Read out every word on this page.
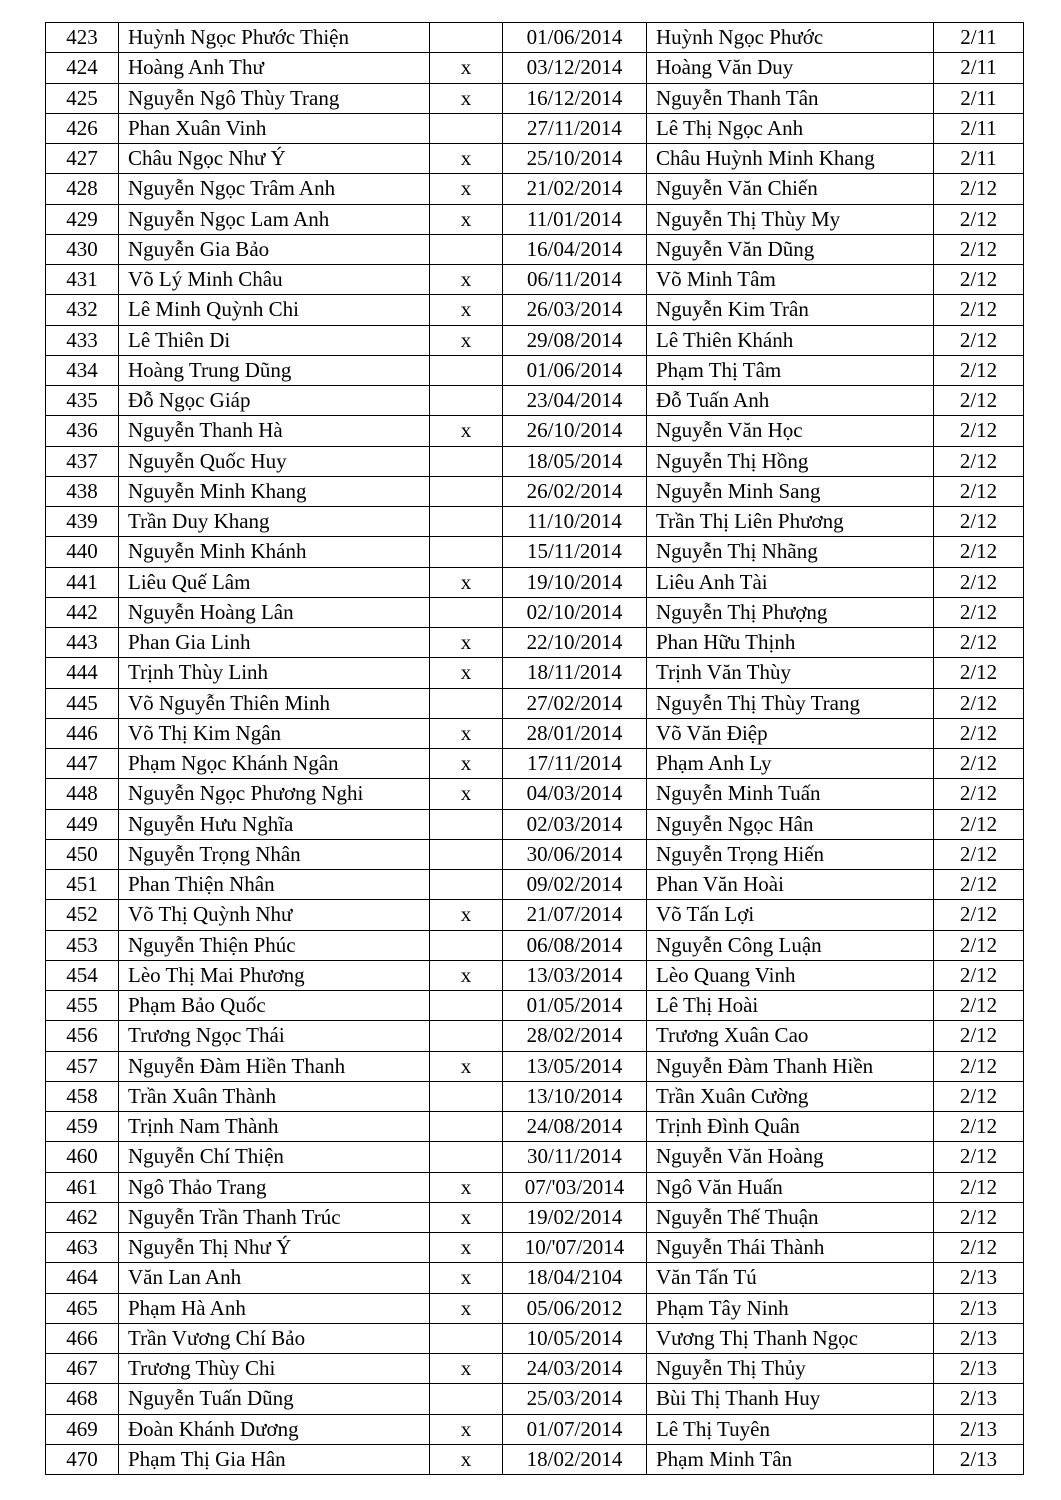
423	Huỳnh Ngọc Phước Thiện		01/06/2014	Huỳnh Ngọc Phước	2/11
424	Hoàng Anh Thư	x	03/12/2014	Hoàng Văn Duy	2/11
425	Nguyễn Ngô Thùy Trang	x	16/12/2014	Nguyễn Thanh Tân	2/11
426	Phan Xuân Vinh		27/11/2014	Lê Thị Ngọc Anh	2/11
427	Châu Ngọc Như Ý	x	25/10/2014	Châu Huỳnh Minh Khang	2/11
428	Nguyễn Ngọc Trâm Anh	x	21/02/2014	Nguyễn Văn Chiến	2/12
429	Nguyễn Ngọc Lam Anh	x	11/01/2014	Nguyễn Thị Thùy My	2/12
430	Nguyễn Gia Bảo		16/04/2014	Nguyễn Văn Dũng	2/12
431	Võ Lý Minh Châu	x	06/11/2014	Võ Minh Tâm	2/12
432	Lê Minh Quỳnh Chi	x	26/03/2014	Nguyễn Kim Trân	2/12
433	Lê Thiên Di	x	29/08/2014	Lê Thiên Khánh	2/12
434	Hoàng Trung Dũng		01/06/2014	Phạm Thị Tâm	2/12
435	Đỗ Ngọc Giáp		23/04/2014	Đỗ Tuấn Anh	2/12
436	Nguyễn Thanh Hà	x	26/10/2014	Nguyễn Văn Học	2/12
437	Nguyễn Quốc Huy		18/05/2014	Nguyễn Thị Hồng	2/12
438	Nguyễn Minh Khang		26/02/2014	Nguyễn Minh Sang	2/12
439	Trần Duy Khang		11/10/2014	Trần Thị Liên Phương	2/12
440	Nguyễn Minh Khánh		15/11/2014	Nguyễn Thị Nhãng	2/12
441	Liêu Quế Lâm	x	19/10/2014	Liêu Anh Tài	2/12
442	Nguyễn Hoàng Lân		02/10/2014	Nguyễn Thị Phượng	2/12
443	Phan Gia Linh	x	22/10/2014	Phan Hữu Thịnh	2/12
444	Trịnh Thùy Linh	x	18/11/2014	Trịnh Văn Thùy	2/12
445	Võ Nguyễn Thiên Minh		27/02/2014	Nguyễn Thị Thùy Trang	2/12
446	Võ Thị Kim Ngân	x	28/01/2014	Võ Văn Điệp	2/12
447	Phạm Ngọc Khánh Ngân	x	17/11/2014	Phạm Anh Ly	2/12
448	Nguyễn Ngọc Phương Nghi	x	04/03/2014	Nguyễn Minh Tuấn	2/12
449	Nguyễn Hưu Nghĩa		02/03/2014	Nguyễn Ngọc Hân	2/12
450	Nguyễn Trọng Nhân		30/06/2014	Nguyễn Trọng Hiến	2/12
451	Phan Thiện Nhân		09/02/2014	Phan Văn Hoài	2/12
452	Võ Thị Quỳnh Như	x	21/07/2014	Võ Tấn Lợi	2/12
453	Nguyễn Thiện Phúc		06/08/2014	Nguyễn Công Luận	2/12
454	Lèo Thị Mai Phương	x	13/03/2014	Lèo Quang Vinh	2/12
455	Phạm Bảo Quốc		01/05/2014	Lê Thị Hoài	2/12
456	Trương Ngọc Thái		28/02/2014	Trương Xuân Cao	2/12
457	Nguyễn Đàm Hiền Thanh	x	13/05/2014	Nguyễn Đàm Thanh Hiền	2/12
458	Trần Xuân Thành		13/10/2014	Trần Xuân Cường	2/12
459	Trịnh Nam Thành		24/08/2014	Trịnh Đình Quân	2/12
460	Nguyễn Chí Thiện		30/11/2014	Nguyễn Văn Hoàng	2/12
461	Ngô Thảo Trang	x	07/'03/2014	Ngô Văn Huấn	2/12
462	Nguyễn Trần Thanh Trúc	x	19/02/2014	Nguyễn Thế Thuận	2/12
463	Nguyễn Thị Như Ý	x	10/'07/2014	Nguyễn Thái Thành	2/12
464	Văn Lan Anh	x	18/04/2104	Văn Tấn Tú	2/13
465	Phạm Hà Anh	x	05/06/2012	Phạm Tây Ninh	2/13
466	Trần Vương Chí Bảo		10/05/2014	Vương Thị Thanh Ngọc	2/13
467	Trương Thùy Chi	x	24/03/2014	Nguyễn Thị Thủy	2/13
468	Nguyễn Tuấn Dũng		25/03/2014	Bùi Thị Thanh Huy	2/13
469	Đoàn Khánh Dương	x	01/07/2014	Lê Thị Tuyên	2/13
470	Phạm Thị Gia Hân	x	18/02/2014	Phạm Minh Tân	2/13
